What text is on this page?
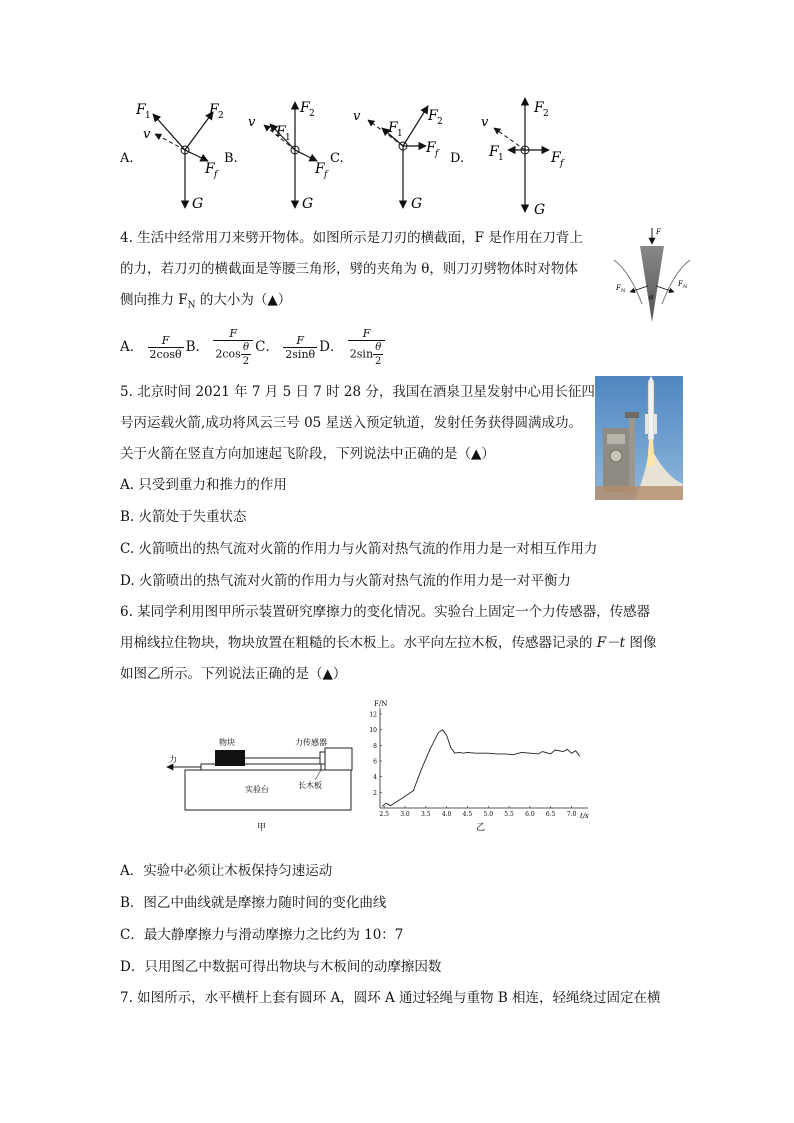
F 1	F 2
v
F f
G
A.
F 2
F 1
v
F f
G
B.
F 2
F 1
v
F f
G
C.
F 2
F 1
v
F f
G
D.
4. 生活中经常用刀来劈开物体。如图所示是刀刃的横截面，F 是作用在刀背上
的力，若刀刃的横截面是等腰三角形，劈的夹角为 θ，则刀刃劈物体时对物体
侧向推力 $F_N$ 的大小为（▲）
F
F N
F N
θ
A． $\frac{F}{2\cos\theta}$ B． $\frac{F}{2\cos \frac{\theta}{2}}$ C． $\frac{F}{2\sin\theta}$ D． $\frac{F}{2\sin \frac{\theta}{2}}$
5. 北京时间 2021 年 7 月 5 日 7 时 28 分，我国在酒泉卫星发射中心用长征四
号丙运载火箭,成功将风云三号 05 星送入预定轨道，发射任务获得圆满成功。
关于火箭在竖直方向加速起飞阶段，下列说法中正确的是（▲）
A. 只受到重力和推力的作用
B. 火箭处于失重状态
C. 火箭喷出的热气流对火箭的作用力与火箭对热气流的作用力是一对相互作用力
D. 火箭喷出的热气流对火箭的作用力与火箭对热气流的作用力是一对平衡力
6. 某同学利用图甲所示装置研究摩擦力的变化情况。实验台上固定一个力传感器，传感器
用棉线拉住物块，物块放置在粗糙的长木板上。水平向左拉木板，传感器记录的 F－t 图像
如图乙所示。下列说法正确的是（▲）
物块	力传感器
力
实验台	长木板
甲
F/N
t/s
2
4
6
8
10
12
2.5 3.0 3.5 4.0 4.5 5.0 5.5 6.0 6.5 7.0
乙
A．实验中必须让木板保持匀速运动
B．图乙中曲线就是摩擦力随时间的变化曲线
C．最大静摩擦力与滑动摩擦力之比约为 10：7
D．只用图乙中数据可得出物块与木板间的动摩擦因数
7. 如图所示，水平横杆上套有圆环 A，圆环 A 通过轻绳与重物 B 相连，轻绳绕过固定在横
